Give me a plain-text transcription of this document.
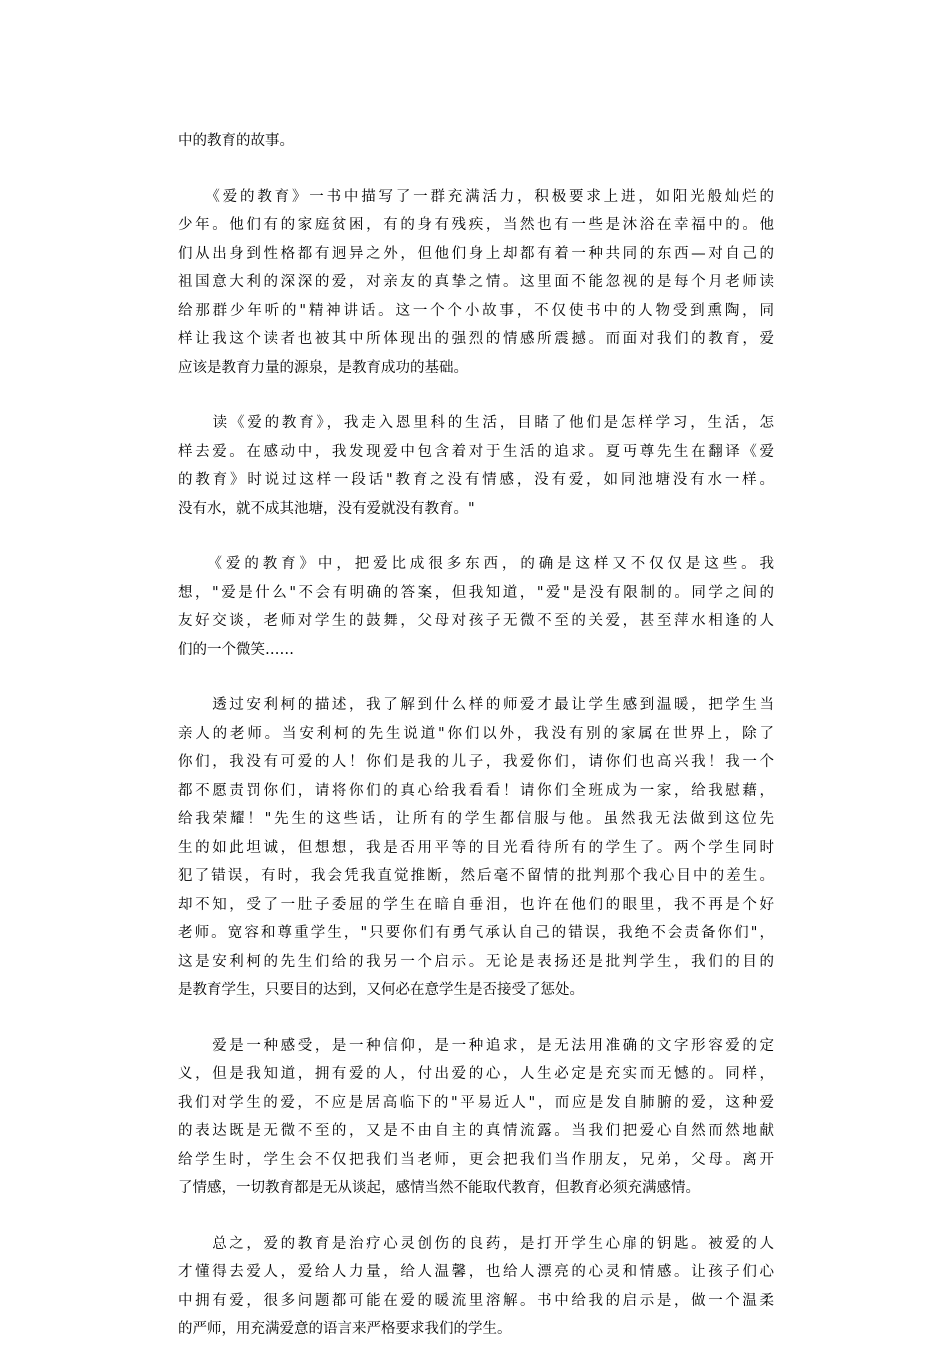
中的教育的故事。
　　《爱的教育》一书中描写了一群充满活力，积极要求上进，如阳光般灿烂的
少年。他们有的家庭贫困，有的身有残疾，当然也有一些是沐浴在幸福中的。他
们从出身到性格都有迥异之外，但他们身上却都有着一种共同的东西—对自己的
祖国意大利的深深的爱，对亲友的真挚之情。这里面不能忽视的是每个月老师读
给那群少年听的"精神讲话。这一个个小故事，不仅使书中的人物受到熏陶，同
样让我这个读者也被其中所体现出的强烈的情感所震撼。而面对我们的教育，爱
应该是教育力量的源泉，是教育成功的基础。
　　读《爱的教育》，我走入恩里科的生活，目睹了他们是怎样学习，生活，怎
样去爱。在感动中，我发现爱中包含着对于生活的追求。夏丏尊先生在翻译《爱
的教育》时说过这样一段话"教育之没有情感，没有爱，如同池塘没有水一样。
没有水，就不成其池塘，没有爱就没有教育。"
　　《爱的教育》中，把爱比成很多东西，的确是这样又不仅仅是这些。我
想，"爱是什么"不会有明确的答案，但我知道，"爱"是没有限制的。同学之间的
友好交谈，老师对学生的鼓舞，父母对孩子无微不至的关爱，甚至萍水相逢的人
们的一个微笑……
　　透过安利柯的描述，我了解到什么样的师爱才最让学生感到温暖，把学生当
亲人的老师。当安利柯的先生说道"你们以外，我没有别的家属在世界上，除了
你们，我没有可爱的人！你们是我的儿子，我爱你们，请你们也高兴我！我一个
都不愿责罚你们，请将你们的真心给我看看！请你们全班成为一家，给我慰藉，
给我荣耀！"先生的这些话，让所有的学生都信服与他。虽然我无法做到这位先
生的如此坦诚，但想想，我是否用平等的目光看待所有的学生了。两个学生同时
犯了错误，有时，我会凭我直觉推断，然后毫不留情的批判那个我心目中的差生。
却不知，受了一肚子委屈的学生在暗自垂泪，也许在他们的眼里，我不再是个好
老师。宽容和尊重学生，"只要你们有勇气承认自己的错误，我绝不会责备你们"，
这是安利柯的先生们给的我另一个启示。无论是表扬还是批判学生，我们的目的
是教育学生，只要目的达到，又何必在意学生是否接受了惩处。
　　爱是一种感受，是一种信仰，是一种追求，是无法用准确的文字形容爱的定
义，但是我知道，拥有爱的人，付出爱的心，人生必定是充实而无憾的。同样，
我们对学生的爱，不应是居高临下的"平易近人"，而应是发自肺腑的爱，这种爱
的表达既是无微不至的，又是不由自主的真情流露。当我们把爱心自然而然地献
给学生时，学生会不仅把我们当老师，更会把我们当作朋友，兄弟，父母。离开
了情感，一切教育都是无从谈起，感情当然不能取代教育，但教育必须充满感情。
　　总之，爱的教育是治疗心灵创伤的良药，是打开学生心扉的钥匙。被爱的人
才懂得去爱人，爱给人力量，给人温馨，也给人漂亮的心灵和情感。让孩子们心
中拥有爱，很多问题都可能在爱的暖流里溶解。书中给我的启示是，做一个温柔
的严师，用充满爱意的语言来严格要求我们的学生。
